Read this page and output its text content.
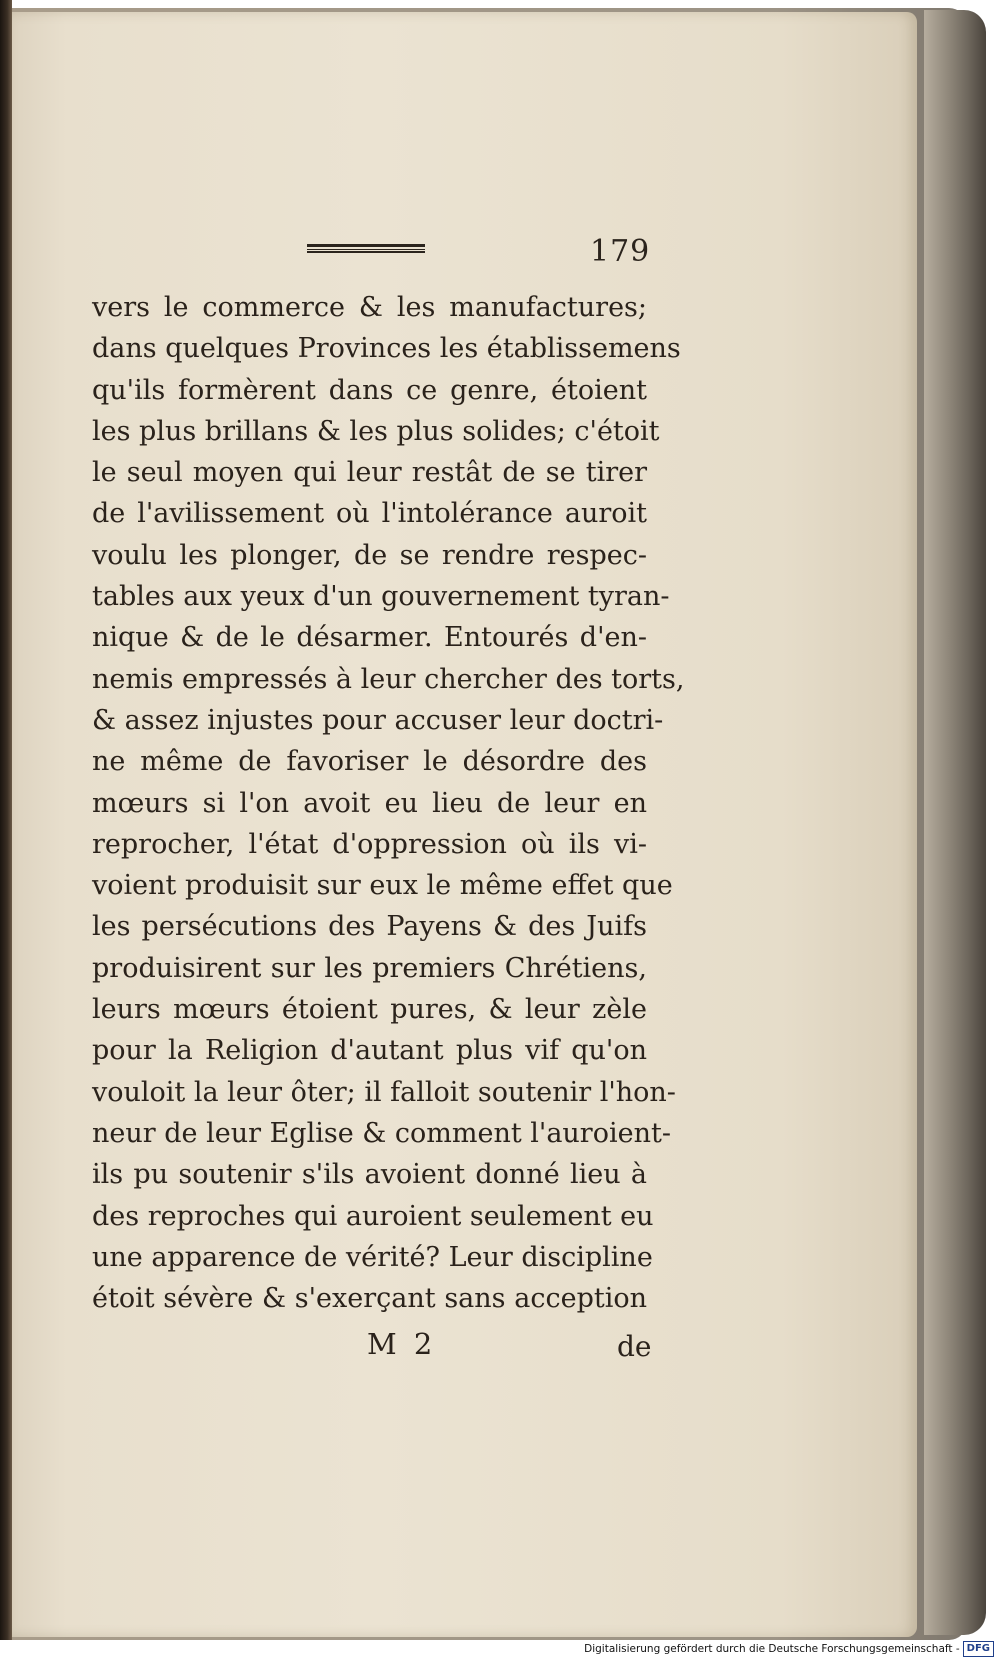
179
vers le commerce & les manufactures;
dans quelques Provinces les établissemens
qu'ils formèrent dans ce genre, étoient
les plus brillans & les plus solides; c'étoit
le seul moyen qui leur restât de se tirer
de l'avilissement où l'intolérance auroit
voulu les plonger, de se rendre respec-
tables aux yeux d'un gouvernement tyran-
nique & de le désarmer. Entourés d'en-
nemis empressés à leur chercher des torts,
& assez injustes pour accuser leur doctri-
ne même de favoriser le désordre des
mœurs si l'on avoit eu lieu de leur en
reprocher, l'état d'oppression où ils vi-
voient produisit sur eux le même effet que
les persécutions des Payens & des Juifs
produisirent sur les premiers Chrétiens,
leurs mœurs étoient pures, & leur zèle
pour la Religion d'autant plus vif qu'on
vouloit la leur ôter; il falloit soutenir l'hon-
neur de leur Eglise & comment l'auroient-
ils pu soutenir s'ils avoient donné lieu à
des reproches qui auroient seulement eu
une apparence de vérité? Leur discipline
étoit sévère & s'exerçant sans acception
M 2	de
Digitalisierung gefördert durch die Deutsche Forschungsgemeinschaft - DFG
